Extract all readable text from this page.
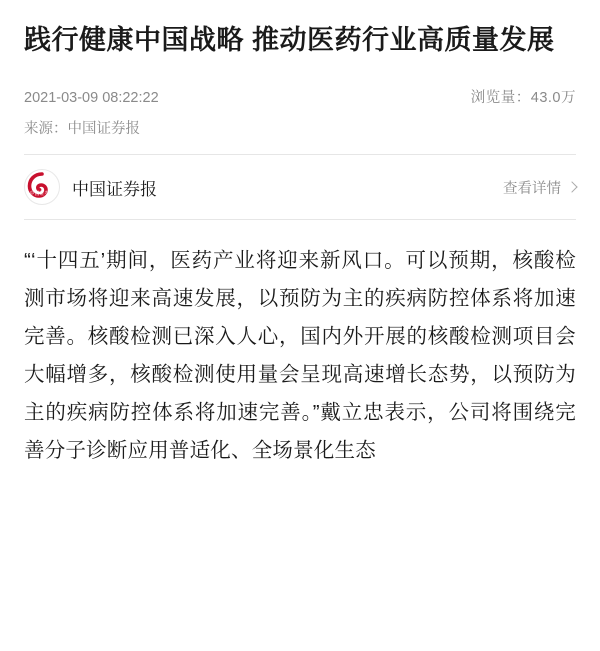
践行健康中国战略 推动医药行业高质量发展
2021-03-09 08:22:22	浏览量：43.0万
来源：中国证券报
中国证券报 中国证券报	查看详情

“‘十四五’期间，医药产业将迎来新风口。可以预期，核酸检测市场将迎来高速发展，以预防为主的疾病防控体系将加速完善。核酸检测已深入人心，国内外开展的核酸检测项目会大幅增多，核酸检测使用量会呈现高速增长态势，以预防为主的疾病防控体系将加速完善。”戴立忠表示，公司将围绕完善分子诊断应用普适化、全场景化生态
